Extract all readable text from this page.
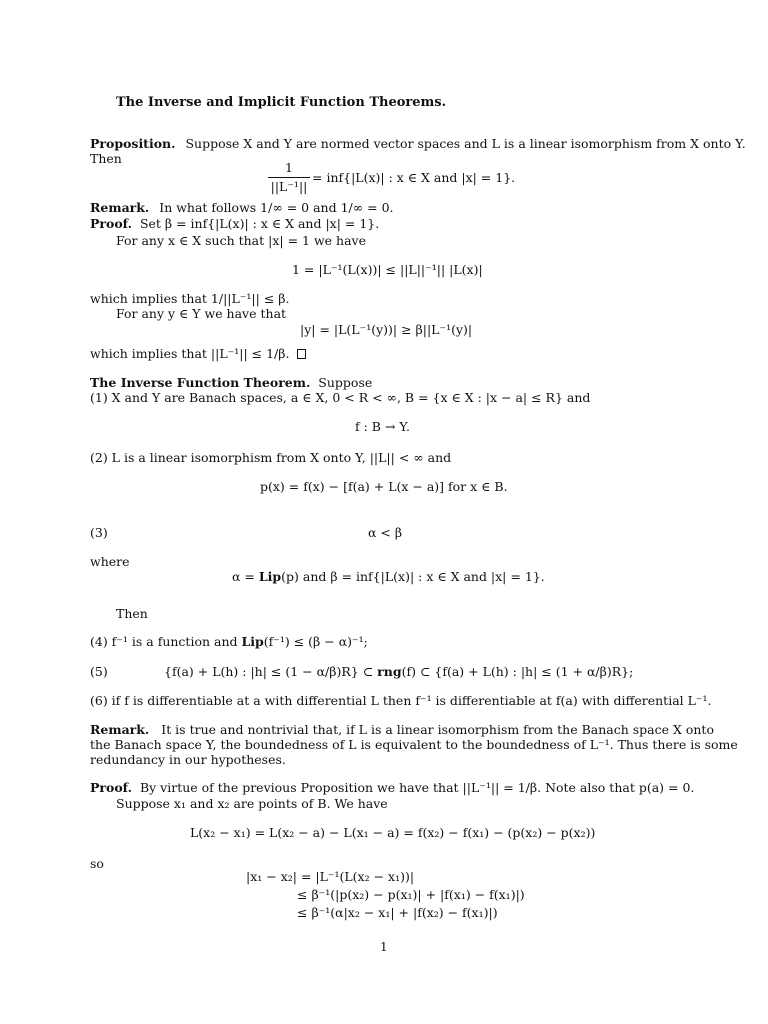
The Inverse and Implicit Function Theorems.
Proposition. Suppose X and Y are normed vector spaces and L is a linear isomorphism from X onto Y.
Then
1
||L⁻¹||
= inf{|L(x)| : x ∈ X and |x| = 1}.
Remark. In what follows 1/∞ = 0 and 1/∞ = 0.
Proof. Set β = inf{|L(x)| : x ∈ X and |x| = 1}.
For any x ∈ X such that |x| = 1 we have
1 = |L⁻¹(L(x))| ≤ ||L||⁻¹|| |L(x)|
which implies that 1/||L⁻¹|| ≤ β.
For any y ∈ Y we have that
|y| = |L(L⁻¹(y))| ≥ β||L⁻¹(y)|
which implies that ||L⁻¹|| ≤ 1/β.
The Inverse Function Theorem. Suppose
(1) X and Y are Banach spaces, a ∈ X, 0 < R < ∞, B = {x ∈ X : |x − a| ≤ R} and
f : B → Y.
(2) L is a linear isomorphism from X onto Y, ||L|| < ∞ and
p(x) = f(x) − [f(a) + L(x − a)] for x ∈ B.
(3)	α < β
where
α = Lip(p) and β = inf{|L(x)| : x ∈ X and |x| = 1}.
Then
(4) f⁻¹ is a function and Lip(f⁻¹) ≤ (β − α)⁻¹;
(5)	{f(a) + L(h) : |h| ≤ (1 − α/β)R} ⊂ rng(f) ⊂ {f(a) + L(h) : |h| ≤ (1 + α/β)R};
(6) if f is differentiable at a with differential L then f⁻¹ is differentiable at f(a) with differential L⁻¹.
Remark. It is true and nontrivial that, if L is a linear isomorphism from the Banach space X onto
the Banach space Y, the boundedness of L is equivalent to the boundedness of L⁻¹. Thus there is some
redundancy in our hypotheses.
Proof. By virtue of the previous Proposition we have that ||L⁻¹|| = 1/β. Note also that p(a) = 0.
Suppose x₁ and x₂ are points of B. We have
L(x₂ − x₁) = L(x₂ − a) − L(x₁ − a) = f(x₂) − f(x₁) − (p(x₂) − p(x₂))
so
|x₁ − x₂| = |L⁻¹(L(x₂ − x₁))|
≤ β⁻¹(|p(x₂) − p(x₁)| + |f(x₁) − f(x₁)|)
≤ β⁻¹(α|x₂ − x₁| + |f(x₂) − f(x₁)|)
1
